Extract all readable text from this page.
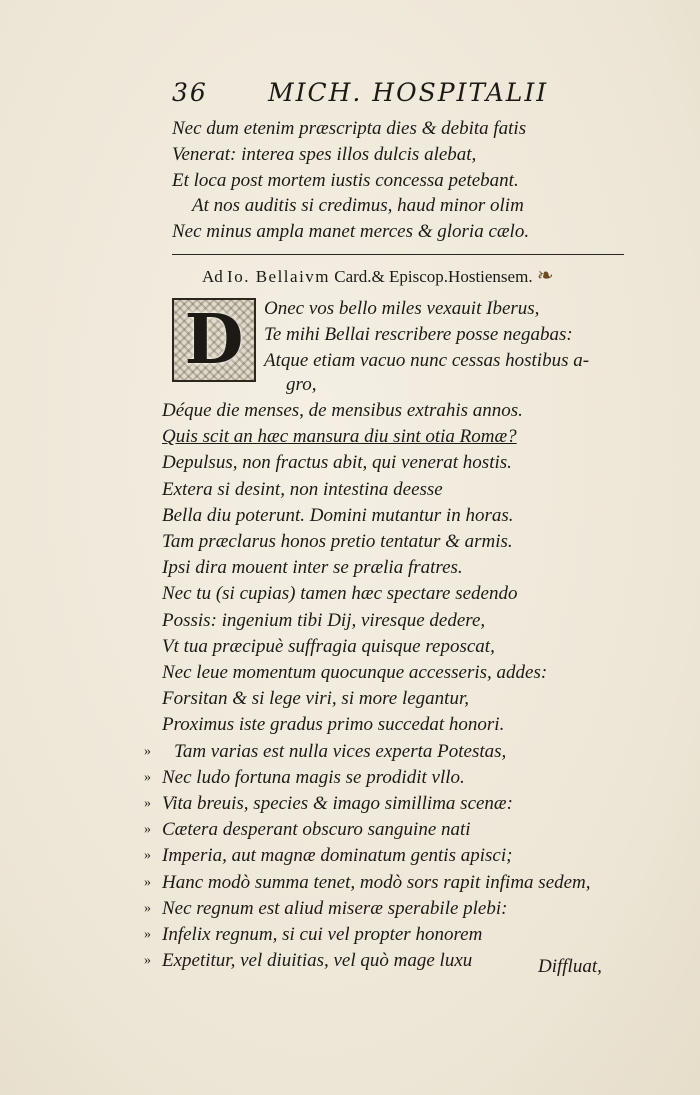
36 MICH. HOSPITALII
Nec dum etenim præscripta dies & debita fatis
Venerat: interea spes illos dulcis alebat,
Et loca post mortem iustis concessa petebant.
At nos auditis si credimus, haud minor olim
Nec minus ampla manet merces & gloria cælo.
Ad Io. Bellaivm Card.& Episcop.Hostiensem. ❧
D Onec vos bello miles vexauit Iberus,
Te mihi Bellai rescribere posse negabas:
Atque etiam vacuo nunc cessas hostibus a-
gro,
Déque die menses, de mensibus extrahis annos.
Quis scit an hæc mansura diu sint otia Romæ?
Depulsus, non fractus abit, qui venerat hostis.
Extera si desint, non intestina deesse
Bella diu poterunt. Domini mutantur in horas.
Tam præclarus honos pretio tentatur & armis.
Ipsi dira mouent inter se prælia fratres.
Nec tu (si cupias) tamen hæc spectare sedendo
Possis: ingenium tibi Dij, viresque dedere,
Vt tua præcipuè suffragia quisque reposcat,
Nec leue momentum quocunque accesseris, addes:
Forsitan & si lege viri, si more legantur,
Proximus iste gradus primo succedat honori.
» Tam varias est nulla vices experta Potestas,
» Nec ludo fortuna magis se prodidit vllo.
» Vita breuis, species & imago simillima scenæ:
» Cætera desperant obscuro sanguine nati
» Imperia, aut magnæ dominatum gentis apisci;
» Hanc modò summa tenet, modò sors rapit infima sedem,
» Nec regnum est aliud miseræ sperabile plebi:
» Infelix regnum, si cui vel propter honorem
» Expetitur, vel diuitias, vel quò mage luxu	Diffluat,
